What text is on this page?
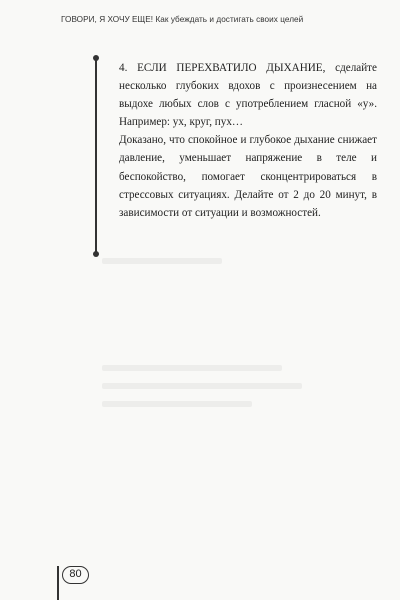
ГОВОРИ, Я ХОЧУ ЕЩЕ! Как убеждать и достигать своих целей

4. ЕСЛИ ПЕРЕХВАТИЛО ДЫХАНИЕ, сделайте несколько глубоких вдохов с произнесением на выдохе любых слов с употреблением гласной «у». Например: ух, круг, пух…

Доказано, что спокойное и глубокое дыхание снижает давление, уменьшает напряжение в теле и беспокойство, помогает сконцентрироваться в стрессовых ситуациях. Делайте от 2 до 20 минут, в зависимости от ситуации и возможностей.

80
